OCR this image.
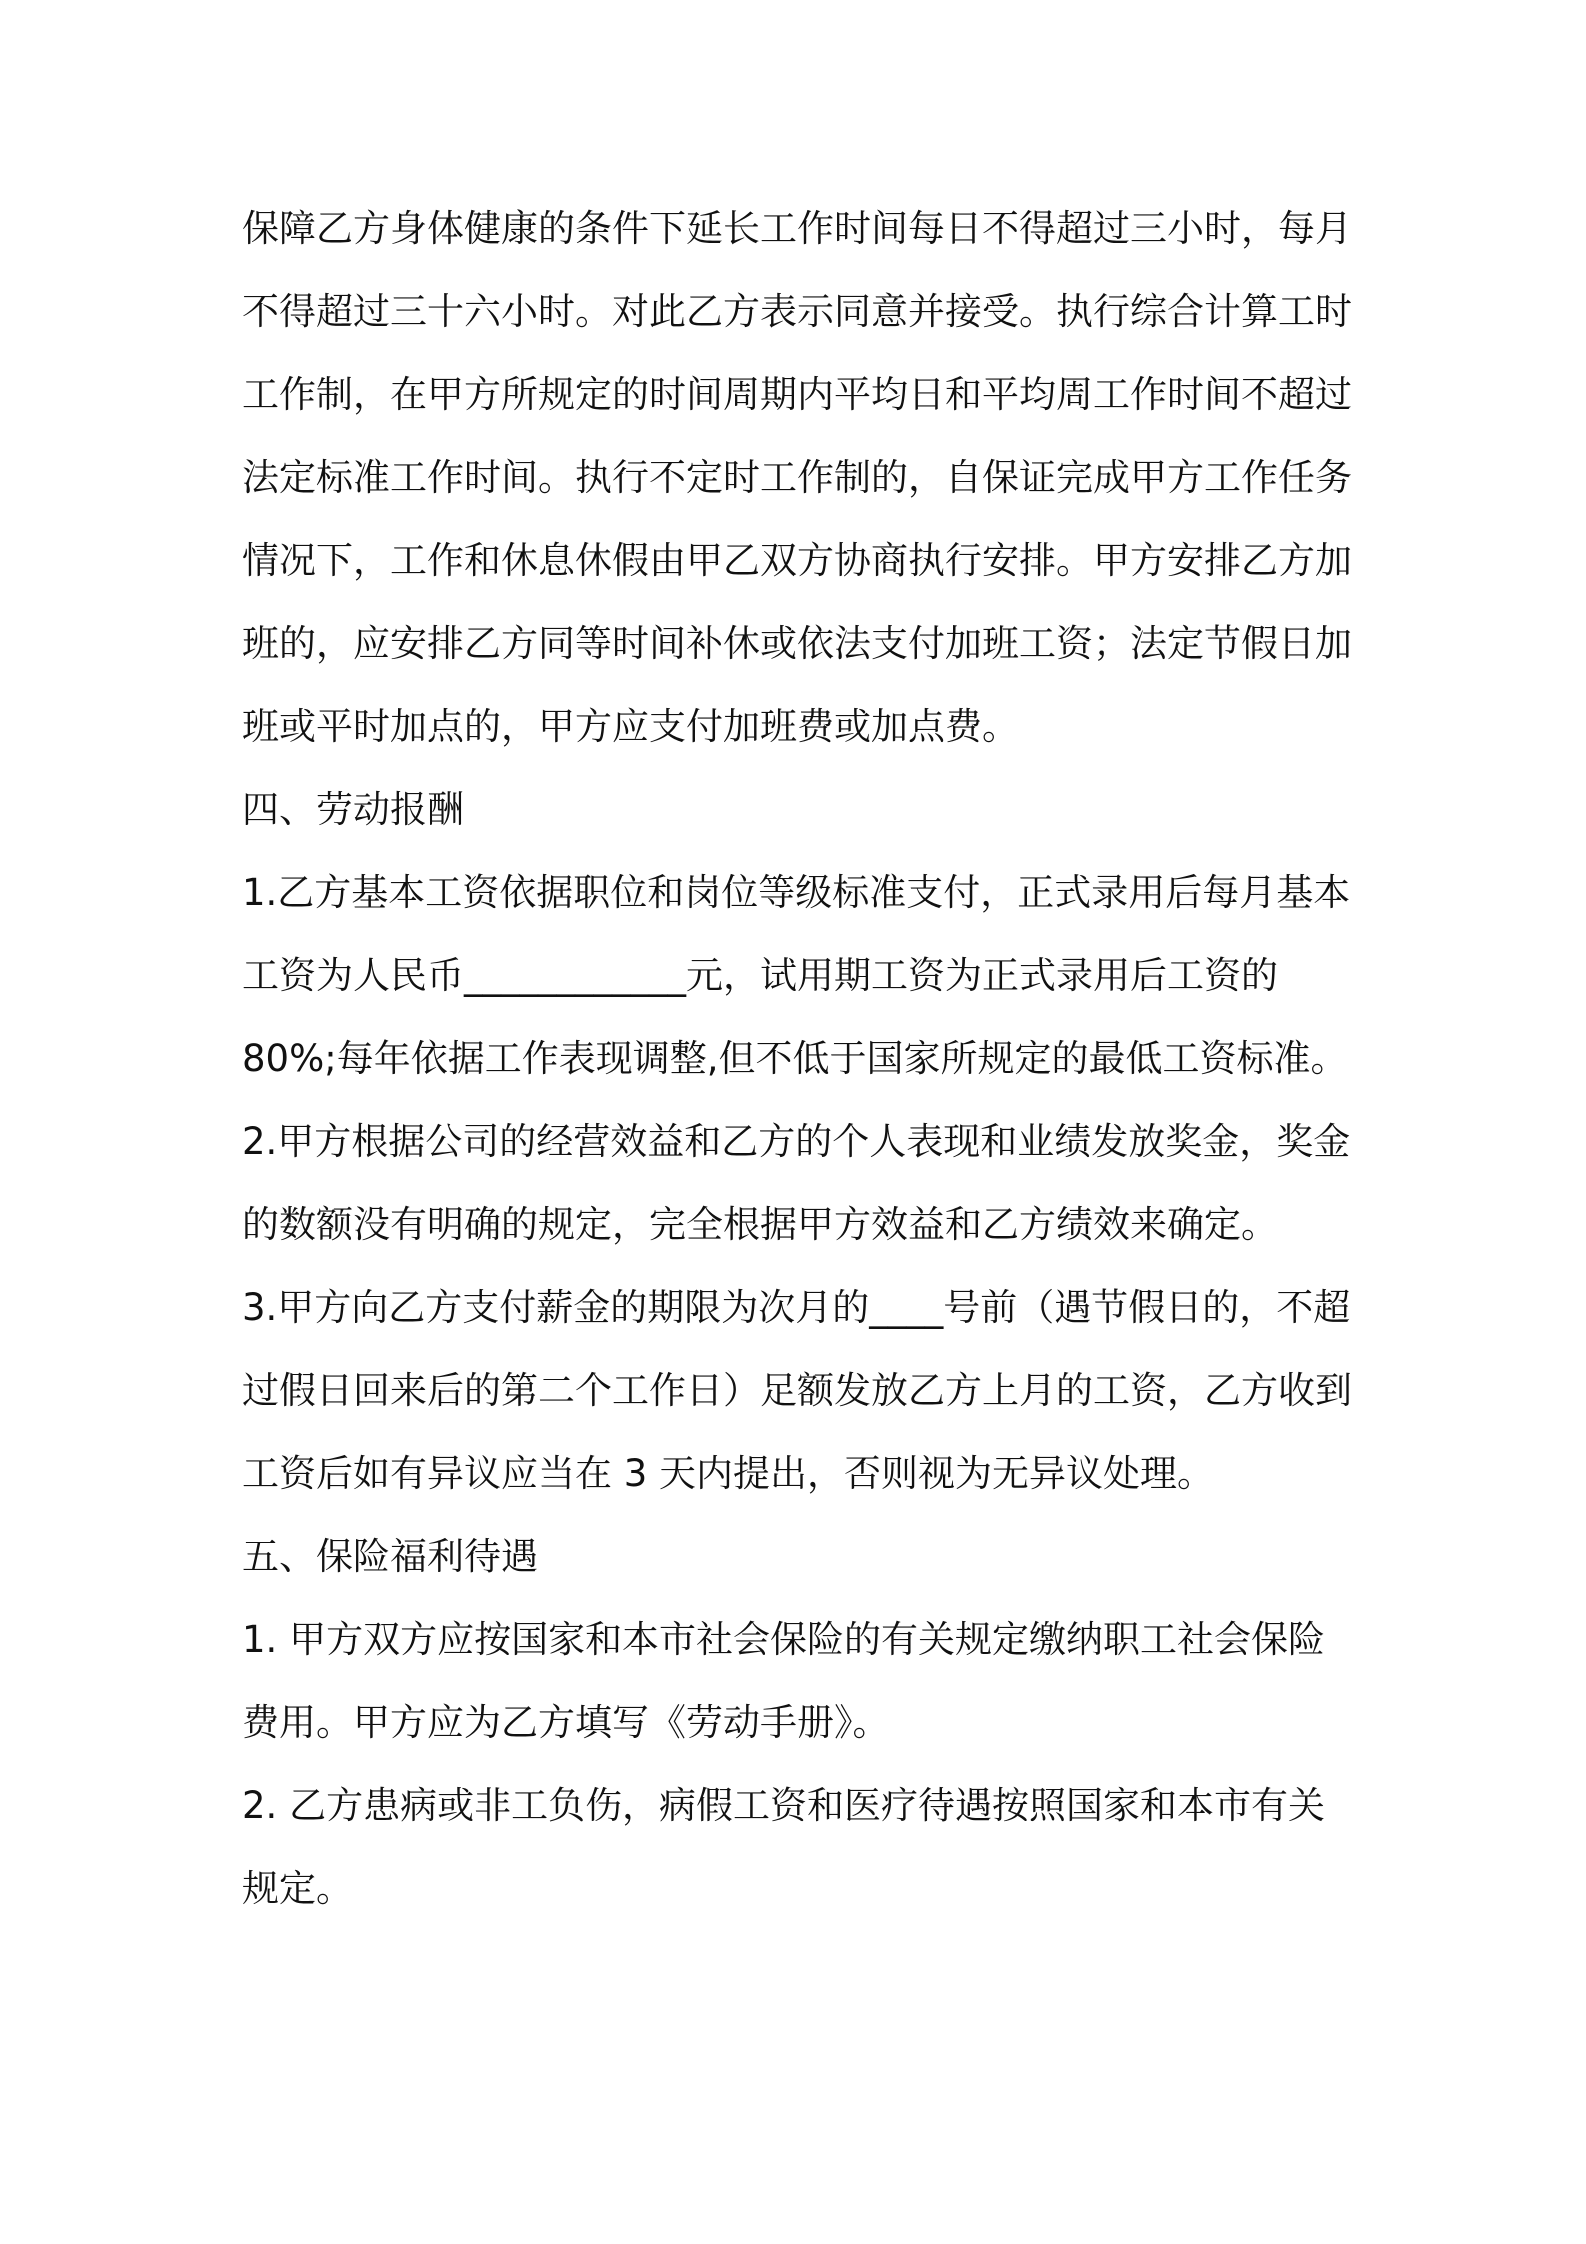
保障乙方身体健康的条件下延长工作时间每日不得超过三小时，每月
不得超过三十六小时。对此乙方表示同意并接受。执行综合计算工时
工作制，在甲方所规定的时间周期内平均日和平均周工作时间不超过
法定标准工作时间。执行不定时工作制的，自保证完成甲方工作任务
情况下，工作和休息休假由甲乙双方协商执行安排。甲方安排乙方加
班的，应安排乙方同等时间补休或依法支付加班工资；法定节假日加
班或平时加点的，甲方应支付加班费或加点费。
四、劳动报酬
1.乙方基本工资依据职位和岗位等级标准支付，正式录用后每月基本
工资为人民币____________元，试用期工资为正式录用后工资的
80%;每年依据工作表现调整,但不低于国家所规定的最低工资标准。
2.甲方根据公司的经营效益和乙方的个人表现和业绩发放奖金，奖金
的数额没有明确的规定，完全根据甲方效益和乙方绩效来确定。
3.甲方向乙方支付薪金的期限为次月的____号前（遇节假日的，不超
过假日回来后的第二个工作日）足额发放乙方上月的工资，乙方收到
工资后如有异议应当在 3 天内提出，否则视为无异议处理。
五、保险福利待遇
1. 甲方双方应按国家和本市社会保险的有关规定缴纳职工社会保险
费用。甲方应为乙方填写《劳动手册》。
2. 乙方患病或非工负伤，病假工资和医疗待遇按照国家和本市有关
规定。
